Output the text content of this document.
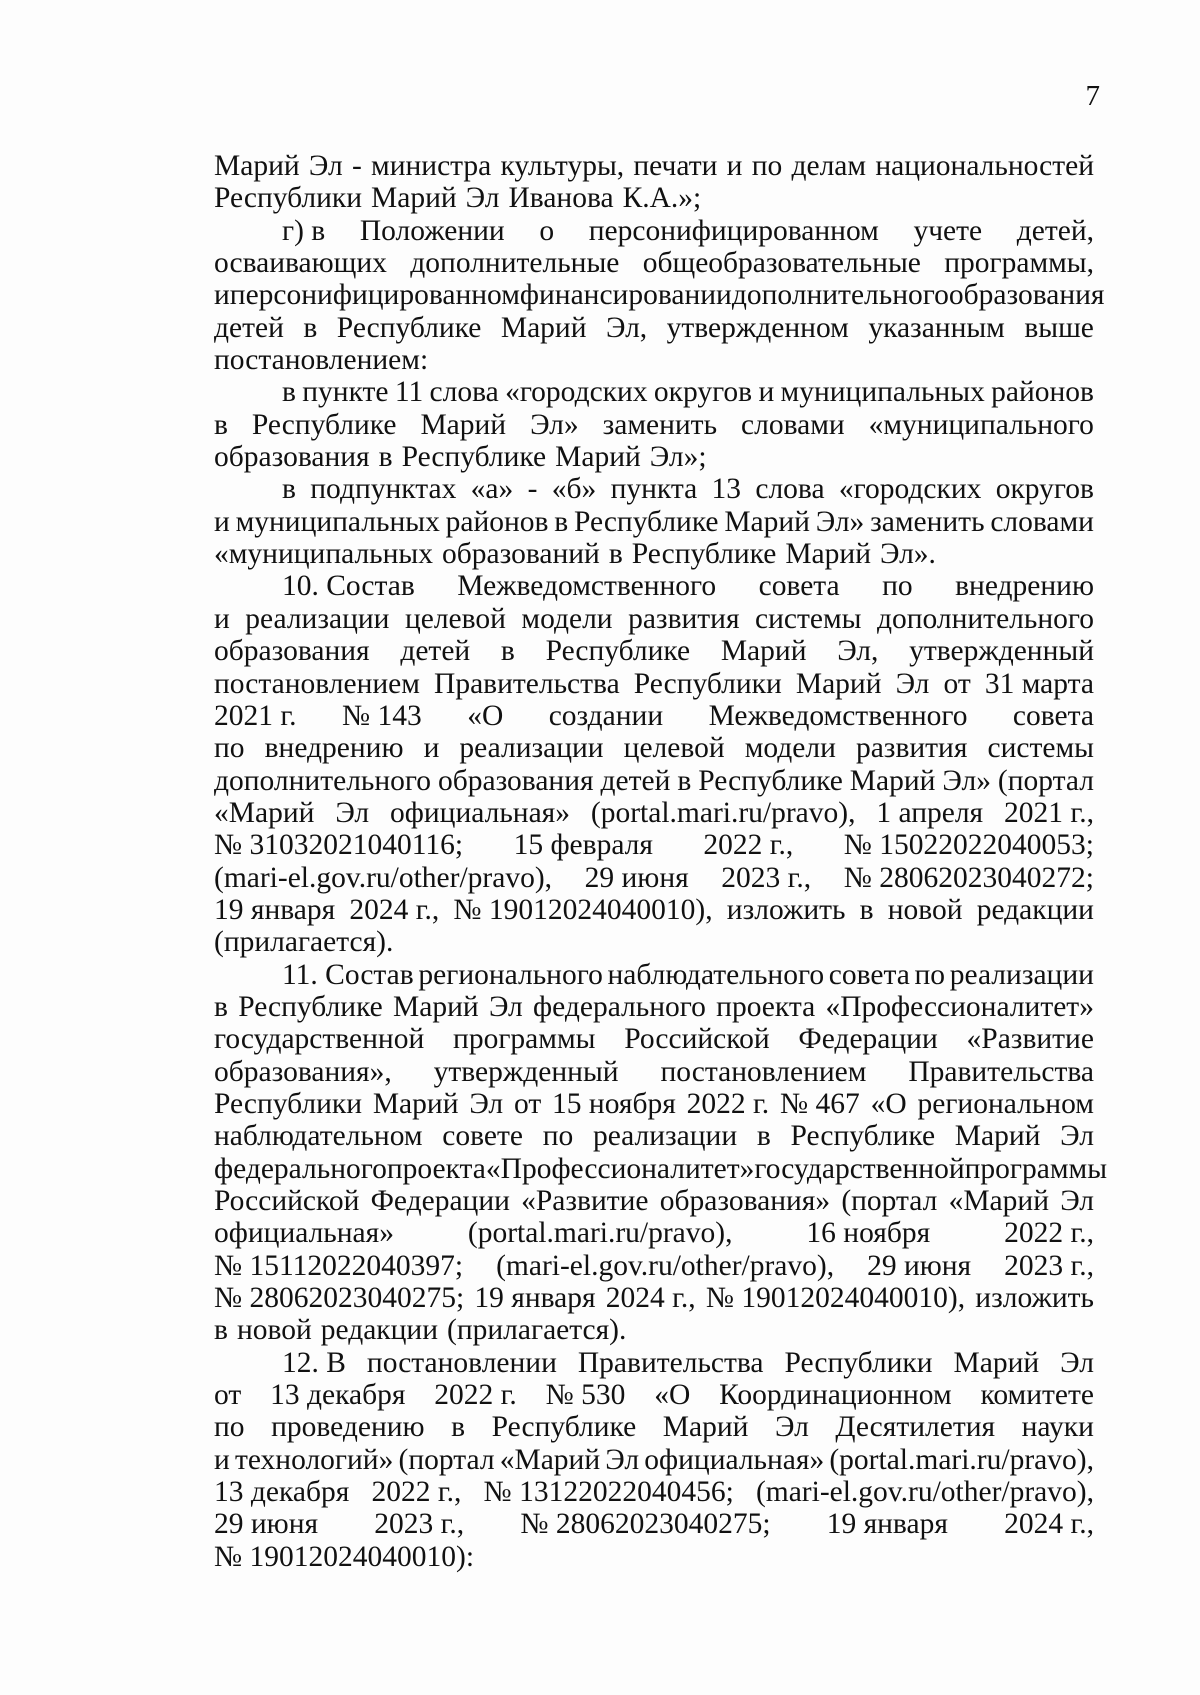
7
Марий Эл - министра культуры, печати и по делам национальностей
Республики Марий Эл Иванова К.А.»;
г) в Положении о персонифицированном учете детей,
осваивающих дополнительные общеобразовательные программы,
и персонифицированном финансировании дополнительного образования
детей в Республике Марий Эл, утвержденном указанным выше
постановлением:
в пункте 11 слова «городских округов и муниципальных районов
в Республике Марий Эл» заменить словами «муниципального
образования в Республике Марий Эл»;
в подпунктах «а» - «б» пункта 13 слова «городских округов
и муниципальных районов в Республике Марий Эл» заменить словами
«муниципальных образований в Республике Марий Эл».
10. Состав Межведомственного совета по внедрению
и реализации целевой модели развития системы дополнительного
образования детей в Республике Марий Эл, утвержденный
постановлением Правительства Республики Марий Эл от 31 марта
2021 г. № 143 «О создании Межведомственного совета
по внедрению и реализации целевой модели развития системы
дополнительного образования детей в Республике Марий Эл» (портал
«Марий Эл официальная» (portal.mari.ru/pravo), 1 апреля 2021 г.,
№ 31032021040116; 15 февраля 2022 г., № 15022022040053;
(mari-el.gov.ru/other/pravo), 29 июня 2023 г., № 28062023040272;
19 января 2024 г., № 19012024040010), изложить в новой редакции
(прилагается).
11. Состав регионального наблюдательного совета по реализации
в Республике Марий Эл федерального проекта «Профессионалитет»
государственной программы Российской Федерации «Развитие
образования», утвержденный постановлением Правительства
Республики Марий Эл от 15 ноября 2022 г. № 467 «О региональном
наблюдательном совете по реализации в Республике Марий Эл
федерального проекта «Профессионалитет» государственной программы
Российской Федерации «Развитие образования» (портал «Марий Эл
официальная»	(portal.mari.ru/pravo),	16 ноября	2022 г.,
№ 15112022040397; (mari-el.gov.ru/other/pravo), 29 июня 2023 г.,
№ 28062023040275; 19 января 2024 г., № 19012024040010), изложить
в новой редакции (прилагается).
12. В постановлении Правительства Республики Марий Эл
от 13 декабря 2022 г. № 530 «О Координационном комитете
по проведению в Республике Марий Эл Десятилетия науки
и технологий» (портал «Марий Эл официальная» (portal.mari.ru/pravo),
13 декабря 2022 г., № 13122022040456; (mari-el.gov.ru/other/pravo),
29 июня 2023 г., № 28062023040275; 19 января 2024 г.,
№ 19012024040010):
